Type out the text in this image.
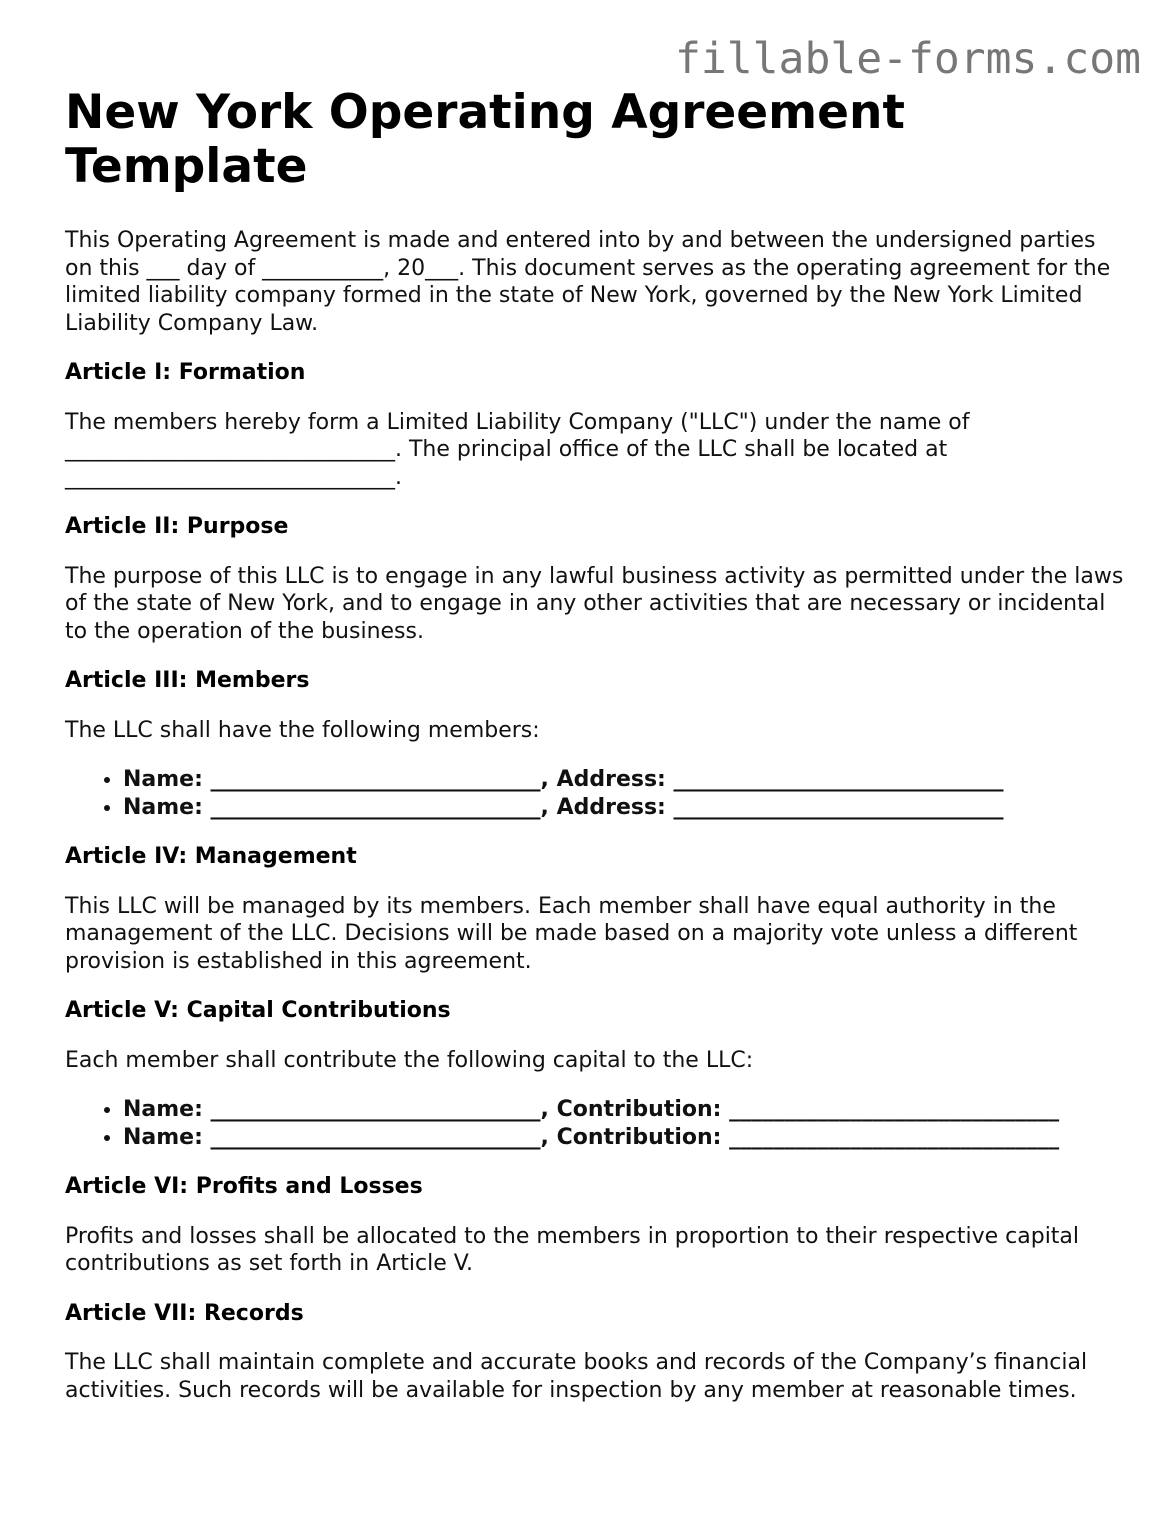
fillable-forms.com
New York Operating Agreement Template

This Operating Agreement is made and entered into by and between the undersigned parties on this ___ day of ___________, 20___. This document serves as the operating agreement for the limited liability company formed in the state of New York, governed by the New York Limited Liability Company Law.

Article I: Formation

The members hereby form a Limited Liability Company ("LLC") under the name of
______________________________. The principal office of the LLC shall be located at
______________________________.

Article II: Purpose

The purpose of this LLC is to engage in any lawful business activity as permitted under the laws of the state of New York, and to engage in any other activities that are necessary or incidental to the operation of the business.

Article III: Members

The LLC shall have the following members:

• Name: ______________________________, Address: ______________________________
• Name: ______________________________, Address: ______________________________
Article IV: Management

This LLC will be managed by its members. Each member shall have equal authority in the management of the LLC. Decisions will be made based on a majority vote unless a different provision is established in this agreement.

Article V: Capital Contributions

Each member shall contribute the following capital to the LLC:

• Name: ______________________________, Contribution: ______________________________
• Name: ______________________________, Contribution: ______________________________
Article VI: Profits and Losses

Profits and losses shall be allocated to the members in proportion to their respective capital contributions as set forth in Article V.

Article VII: Records

The LLC shall maintain complete and accurate books and records of the Company’s financial activities. Such records will be available for inspection by any member at reasonable times.
